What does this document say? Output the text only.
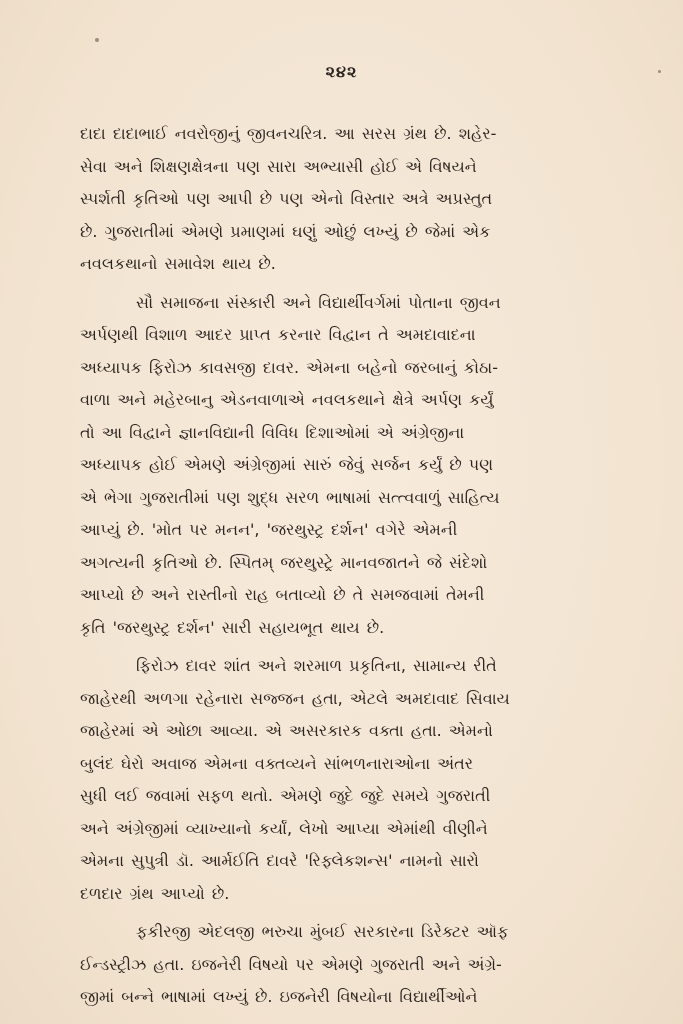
૨૪૨

દાદા દાદાભાઈ નવરોજીનું જીવનચરિત્ર. આ સરસ ગ્રંથ છે. શહેર-
સેવા અને શિક્ષણક્ષેત્રના પણ સારા અભ્યાસી હોઈ એ વિષયને
સ્પર્શતી કૃતિઓ પણ આપી છે પણ એનો વિસ્તાર અત્રે અપ્રસ્તુત
છે. ગુજરાતીમાં એમણે પ્રમાણમાં ઘણું ઓછું લખ્યું છે જેમાં એક
નવલકથાનો સમાવેશ થાય છે.

સૌ સમાજના સંસ્કારી અને વિદ્યાર્થીવર્ગમાં પોતાના જીવન
અર્પણથી વિશાળ આદર પ્રાપ્ત કરનાર વિદ્વાન તે અમદાવાદના
અધ્યાપક ફિરોઝ કાવસજી દાવર. એમના બહેનો જરબાનું કોઠા-
વાળા અને મહેરબાનુ એડનવાળાએ નવલકથાને ક્ષેત્રે અર્પણ કર્યું
તો આ વિદ્વાને જ્ઞાનવિદ્યાની વિવિધ દિશાઓમાં એ અંગ્રેજીના
અધ્યાપક હોઈ એમણે અંગ્રેજીમાં સારું જેવું સર્જન કર્યું છે પણ
એ ભેગા ગુજરાતીમાં પણ શુદ્ધ સરળ ભાષામાં સત્ત્વવાળું સાહિત્ય
આપ્યું છે. 'મોત પર મનન', 'જરથુસ્ટ્ર દર્શન' વગેરે એમની
અગત્યની કૃતિઓ છે. સ્પિતમ્ જરથુસ્ટ્રે માનવજાતને જે સંદેશો
આપ્યો છે અને રાસ્તીનો રાહ બતાવ્યો છે તે સમજવામાં તેમની
કૃતિ 'જરથુસ્ટ્ર દર્શન' સારી સહાયભૂત થાય છે.

ફિરોઝ દાવર શાંત અને શરમાળ પ્રકૃતિના, સામાન્ય રીતે
જાહેરથી અળગા રહેનારા સજ્જન હતા, એટલે અમદાવાદ સિવાય
જાહેરમાં એ ઓછા આવ્યા. એ અસરકારક વક્તા હતા. એમનો
બુલંદ ઘેરો અવાજ એમના વક્તવ્યને સાંભળનારાઓના અંતર
સુધી લઈ જવામાં સફળ થતો. એમણે જુદે જુદે સમયે ગુજરાતી
અને અંગ્રેજીમાં વ્યાખ્યાનો કર્યાં, લેખો આપ્યા એમાંથી વીણીને
એમના સુપુત્રી ડૉ. આર્મઈતિ દાવરે 'રિફ્લેકશન્સ' નામનો સારો
દળદાર ગ્રંથ આપ્યો છે.

ફકીરજી એદલજી ભરુચા મુંબઈ સરકારના ડિરેક્ટર ઑફ
ઈન્ડસ્ટ્રીઝ હતા. ઇજનેરી વિષયો પર એમણે ગુજરાતી અને અંગ્રે-
જીમાં બન્ને ભાષામાં લખ્યું છે. ઇજનેરી વિષયોના વિદ્યાર્થીઓને
